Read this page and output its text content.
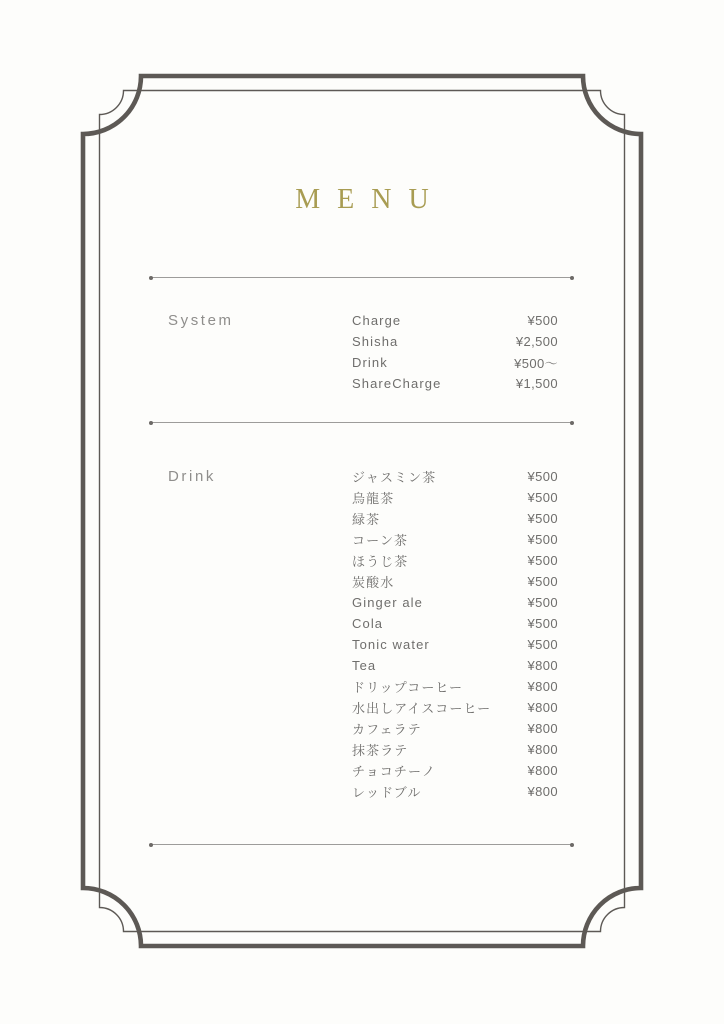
MENU
System	Charge	¥500
Shisha	¥2,500
Drink	¥500〜
ShareCharge	¥1,500
Drink	ジャスミン茶	¥500
烏龍茶	¥500
緑茶	¥500
コーン茶	¥500
ほうじ茶	¥500
炭酸水	¥500
Ginger ale	¥500
Cola	¥500
Tonic water	¥500
Tea	¥800
ドリップコーヒー	¥800
水出しアイスコーヒー	¥800
カフェラテ	¥800
抹茶ラテ	¥800
チョコチーノ	¥800
レッドブル	¥800
